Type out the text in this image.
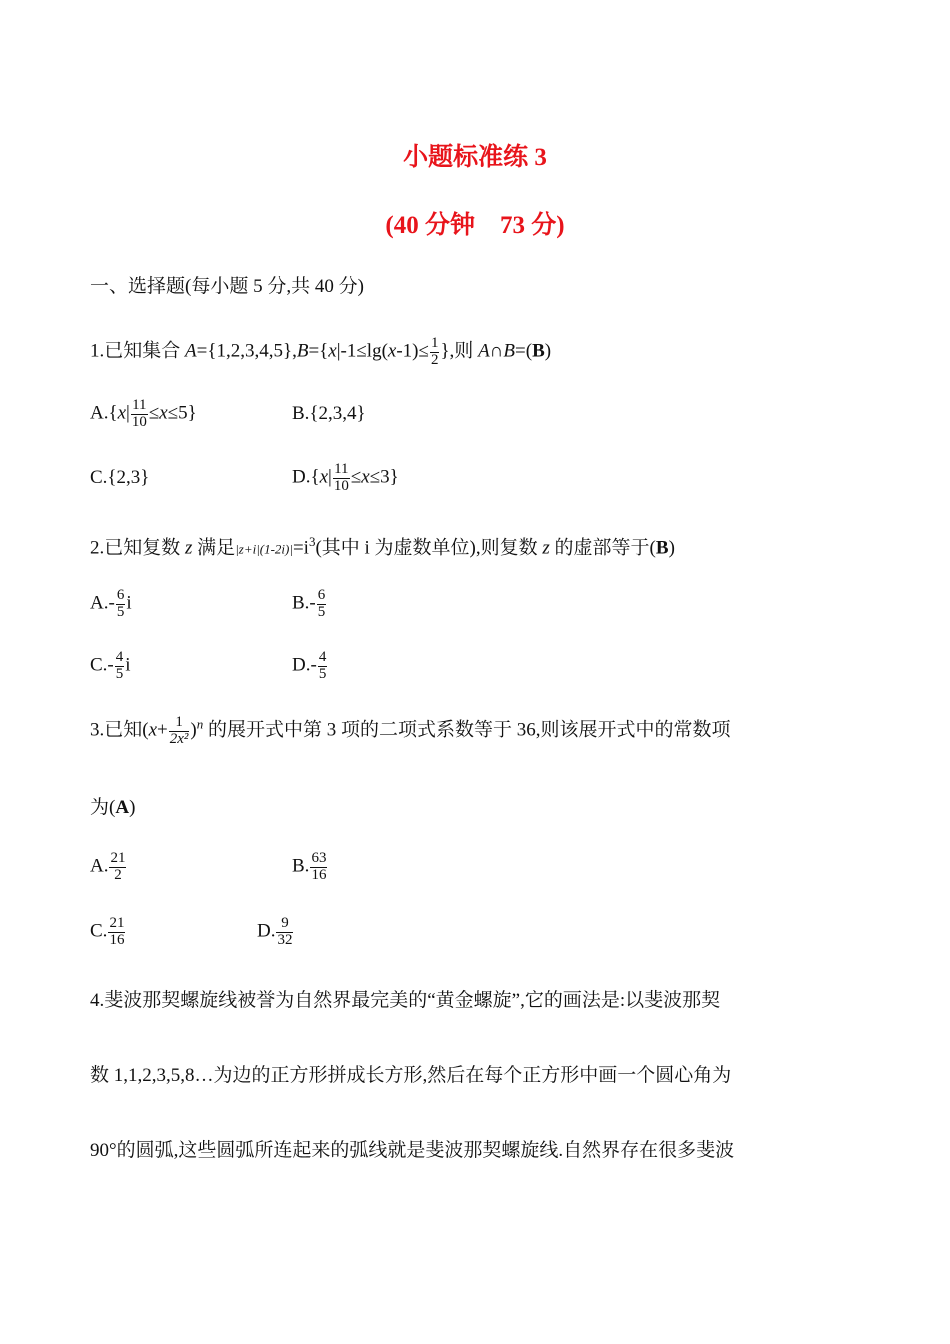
小题标准练 3
(40 分钟　73 分)
一、选择题(每小题 5 分,共 40 分)
1.已知集合 $A=\{1,2,3,4,5\},B=\{x|-1\le\lg(x-1)\le \frac{1}{2}$ },则 A∩B=(B)
$A.\{x| \frac{11}{10} \le x\le 5\}$	B.{2,3,4}
C.{2,3}	$D.\{x| \frac{11}{10} \le x\le 3\}$
2.已知复数 z 满足$|z+i|(1-2i)|=i^3$(其中 i 为虚数单位),则复数 z 的虚部等于(B)
$A.- \frac{6}{5}$ i	$B.- \frac{6}{5}$
$C.- \frac{4}{5}$ i	$D.- \frac{4}{5}$
3.已知$(x+ \frac{1}{\text{2x²}} )^n$ 的展开式中第 3 项的二项式系数等于 36,则该展开式中的常数项
为(A)
A. $\frac{21}{2}$	B. $\frac{63}{16}$
C. $\frac{21}{16}$	D. $\frac{9}{32}$
4.斐波那契螺旋线被誉为自然界最完美的“黄金螺旋”,它的画法是:以斐波那契
数 1,1,2,3,5,8…为边的正方形拼成长方形,然后在每个正方形中画一个圆心角为
90°的圆弧,这些圆弧所连起来的弧线就是斐波那契螺旋线.自然界存在很多斐波
